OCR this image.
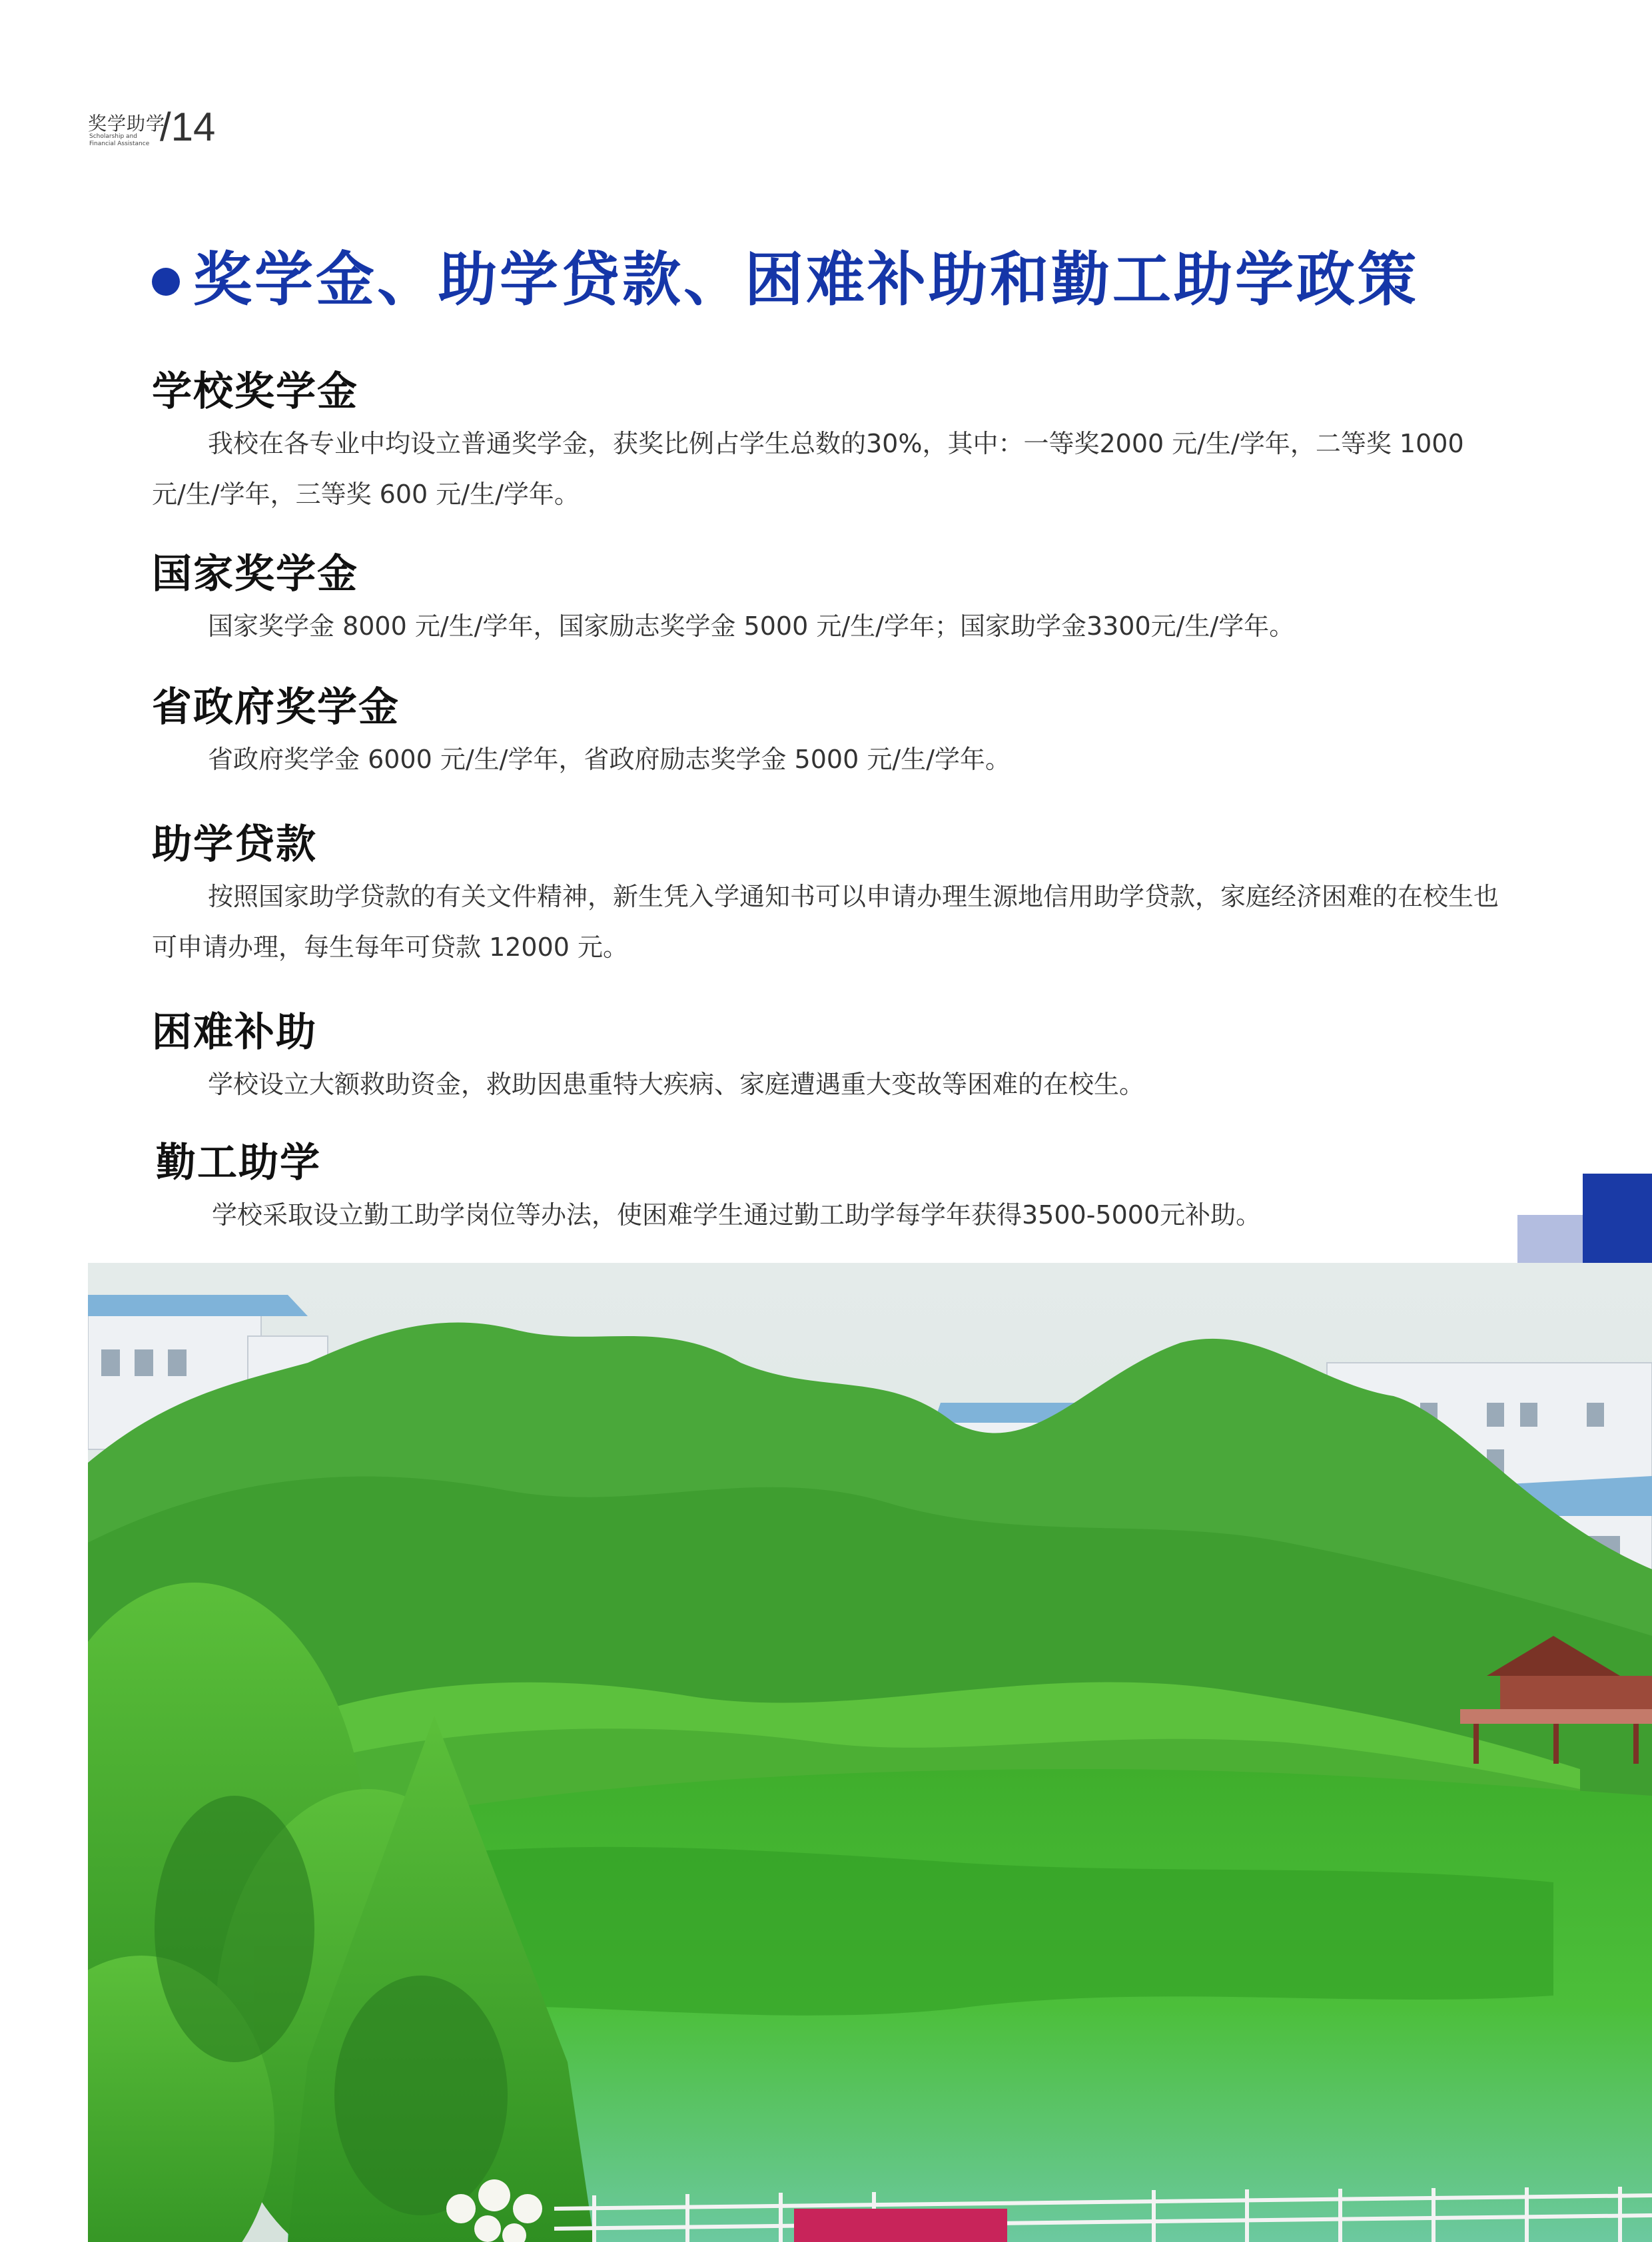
奖学助学
Scholarship and Financial Assistance /14
奖学金、助学贷款、困难补助和勤工助学政策
学校奖学金
我校在各专业中均设立普通奖学金，获奖比例占学生总数的30%，其中：一等奖2000 元/生/学年，二等奖 1000 元/生/学年，三等奖 600 元/生/学年。
国家奖学金
国家奖学金 8000 元/生/学年，国家励志奖学金 5000 元/生/学年；国家助学金3300元/生/学年。
省政府奖学金
省政府奖学金 6000 元/生/学年，省政府励志奖学金 5000 元/生/学年。
助学贷款
按照国家助学贷款的有关文件精神，新生凭入学通知书可以申请办理生源地信用助学贷款，家庭经济困难的在校生也可申请办理，每生每年可贷款 12000 元。
困难补助
学校设立大额救助资金，救助因患重特大疾病、家庭遭遇重大变故等困难的在校生。
勤工助学
学校采取设立勤工助学岗位等办法，使困难学生通过勤工助学每学年获得3500-5000元补助。
